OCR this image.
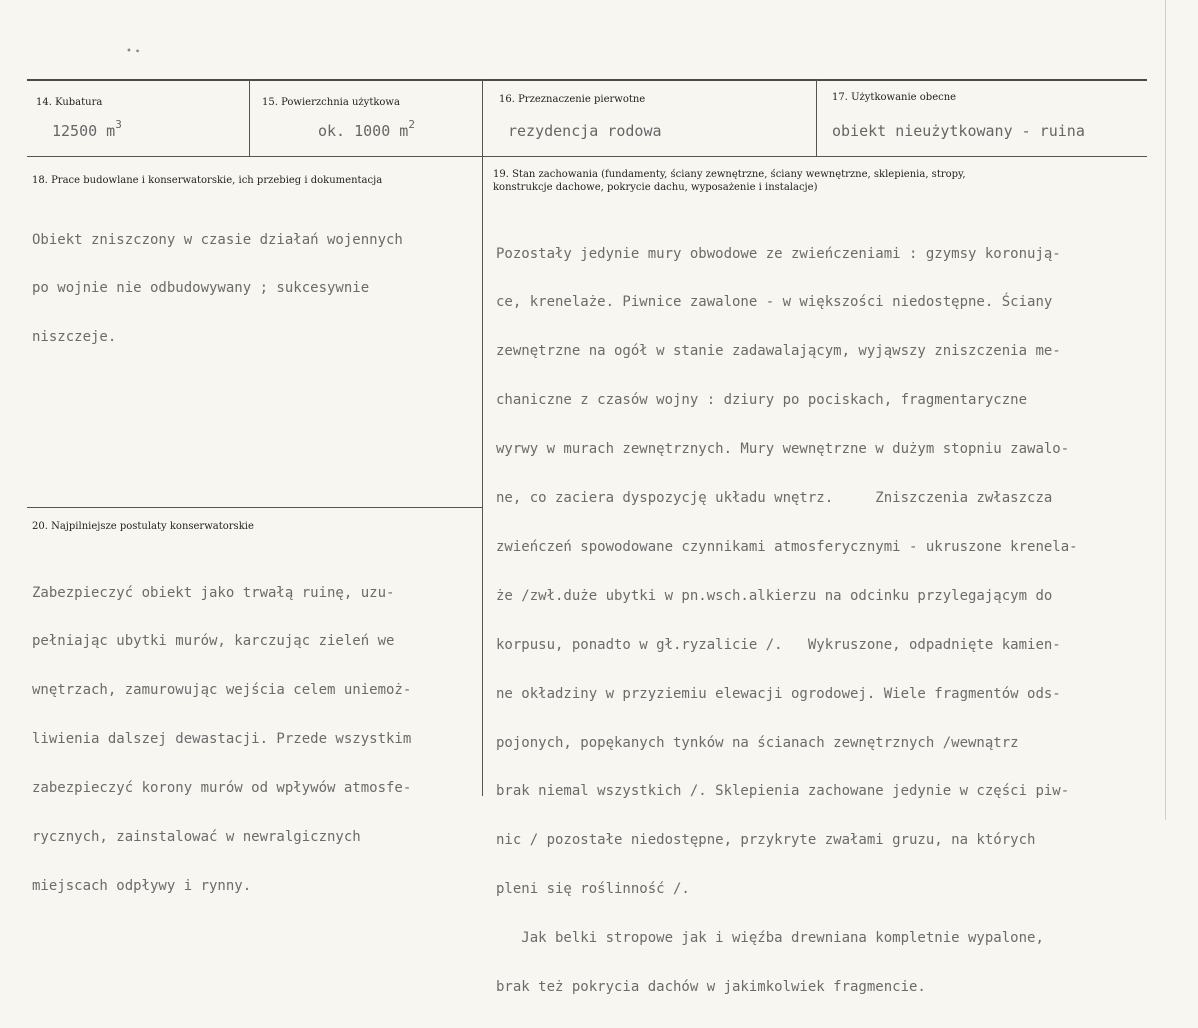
• ∙
14. Kubatura
12500 $m^3$
15. Powierzchnia użytkowa
ok. 1000 $m^2$
16. Przeznaczenie pierwotne
rezydencja rodowa
17. Użytkowanie obecne
obiekt nieużytkowany - ruina
18. Prace budowlane i konserwatorskie, ich przebieg i dokumentacja

Obiekt zniszczony w czasie działań wojennych

po wojnie nie odbudowywany ; sukcesywnie

niszczeje.

19. Stan zachowania (fundamenty, ściany zewnętrzne, ściany wewnętrzne, sklepienia, stropy,
konstrukcje dachowe, pokrycie dachu, wyposażenie i instalacje)

Pozostały jedynie mury obwodowe ze zwieńczeniami : gzymsy koronują-

ce, krenelaże. Piwnice zawalone - w większości niedostępne. Ściany

zewnętrzne na ogół w stanie zadawalającym, wyjąwszy zniszczenia me-

chaniczne z czasów wojny : dziury po pociskach, fragmentaryczne

wyrwy w murach zewnętrznych. Mury wewnętrzne w dużym stopniu zawalo-

ne, co zaciera dyspozycję układu wnętrz.     Zniszczenia zwłaszcza

zwieńczeń spowodowane czynnikami atmosferycznymi - ukruszone krenela-

że /zwł.duże ubytki w pn.wsch.alkierzu na odcinku przylegającym do

korpusu, ponadto w gł.ryzalicie /.   Wykruszone, odpadnięte kamien-

ne okładziny w przyziemiu elewacji ogrodowej. Wiele fragmentów ods-

pojonych, popękanych tynków na ścianach zewnętrznych /wewnątrz

brak niemal wszystkich /. Sklepienia zachowane jedynie w części piw-

nic / pozostałe niedostępne, przykryte zwałami gruzu, na których

pleni się roślinność /.

Jak belki stropowe jak i więźba drewniana kompletnie wypalone,

brak też pokrycia dachów w jakimkolwiek fragmencie.

20. Najpilniejsze postulaty konserwatorskie

Zabezpieczyć obiekt jako trwałą ruinę, uzu-

pełniając ubytki murów, karczując zieleń we

wnętrzach, zamurowując wejścia celem uniemoż-

liwienia dalszej dewastacji. Przede wszystkim

zabezpieczyć korony murów od wpływów atmosfe-

rycznych, zainstalować w newralgicznych

miejscach odpływy i rynny.
